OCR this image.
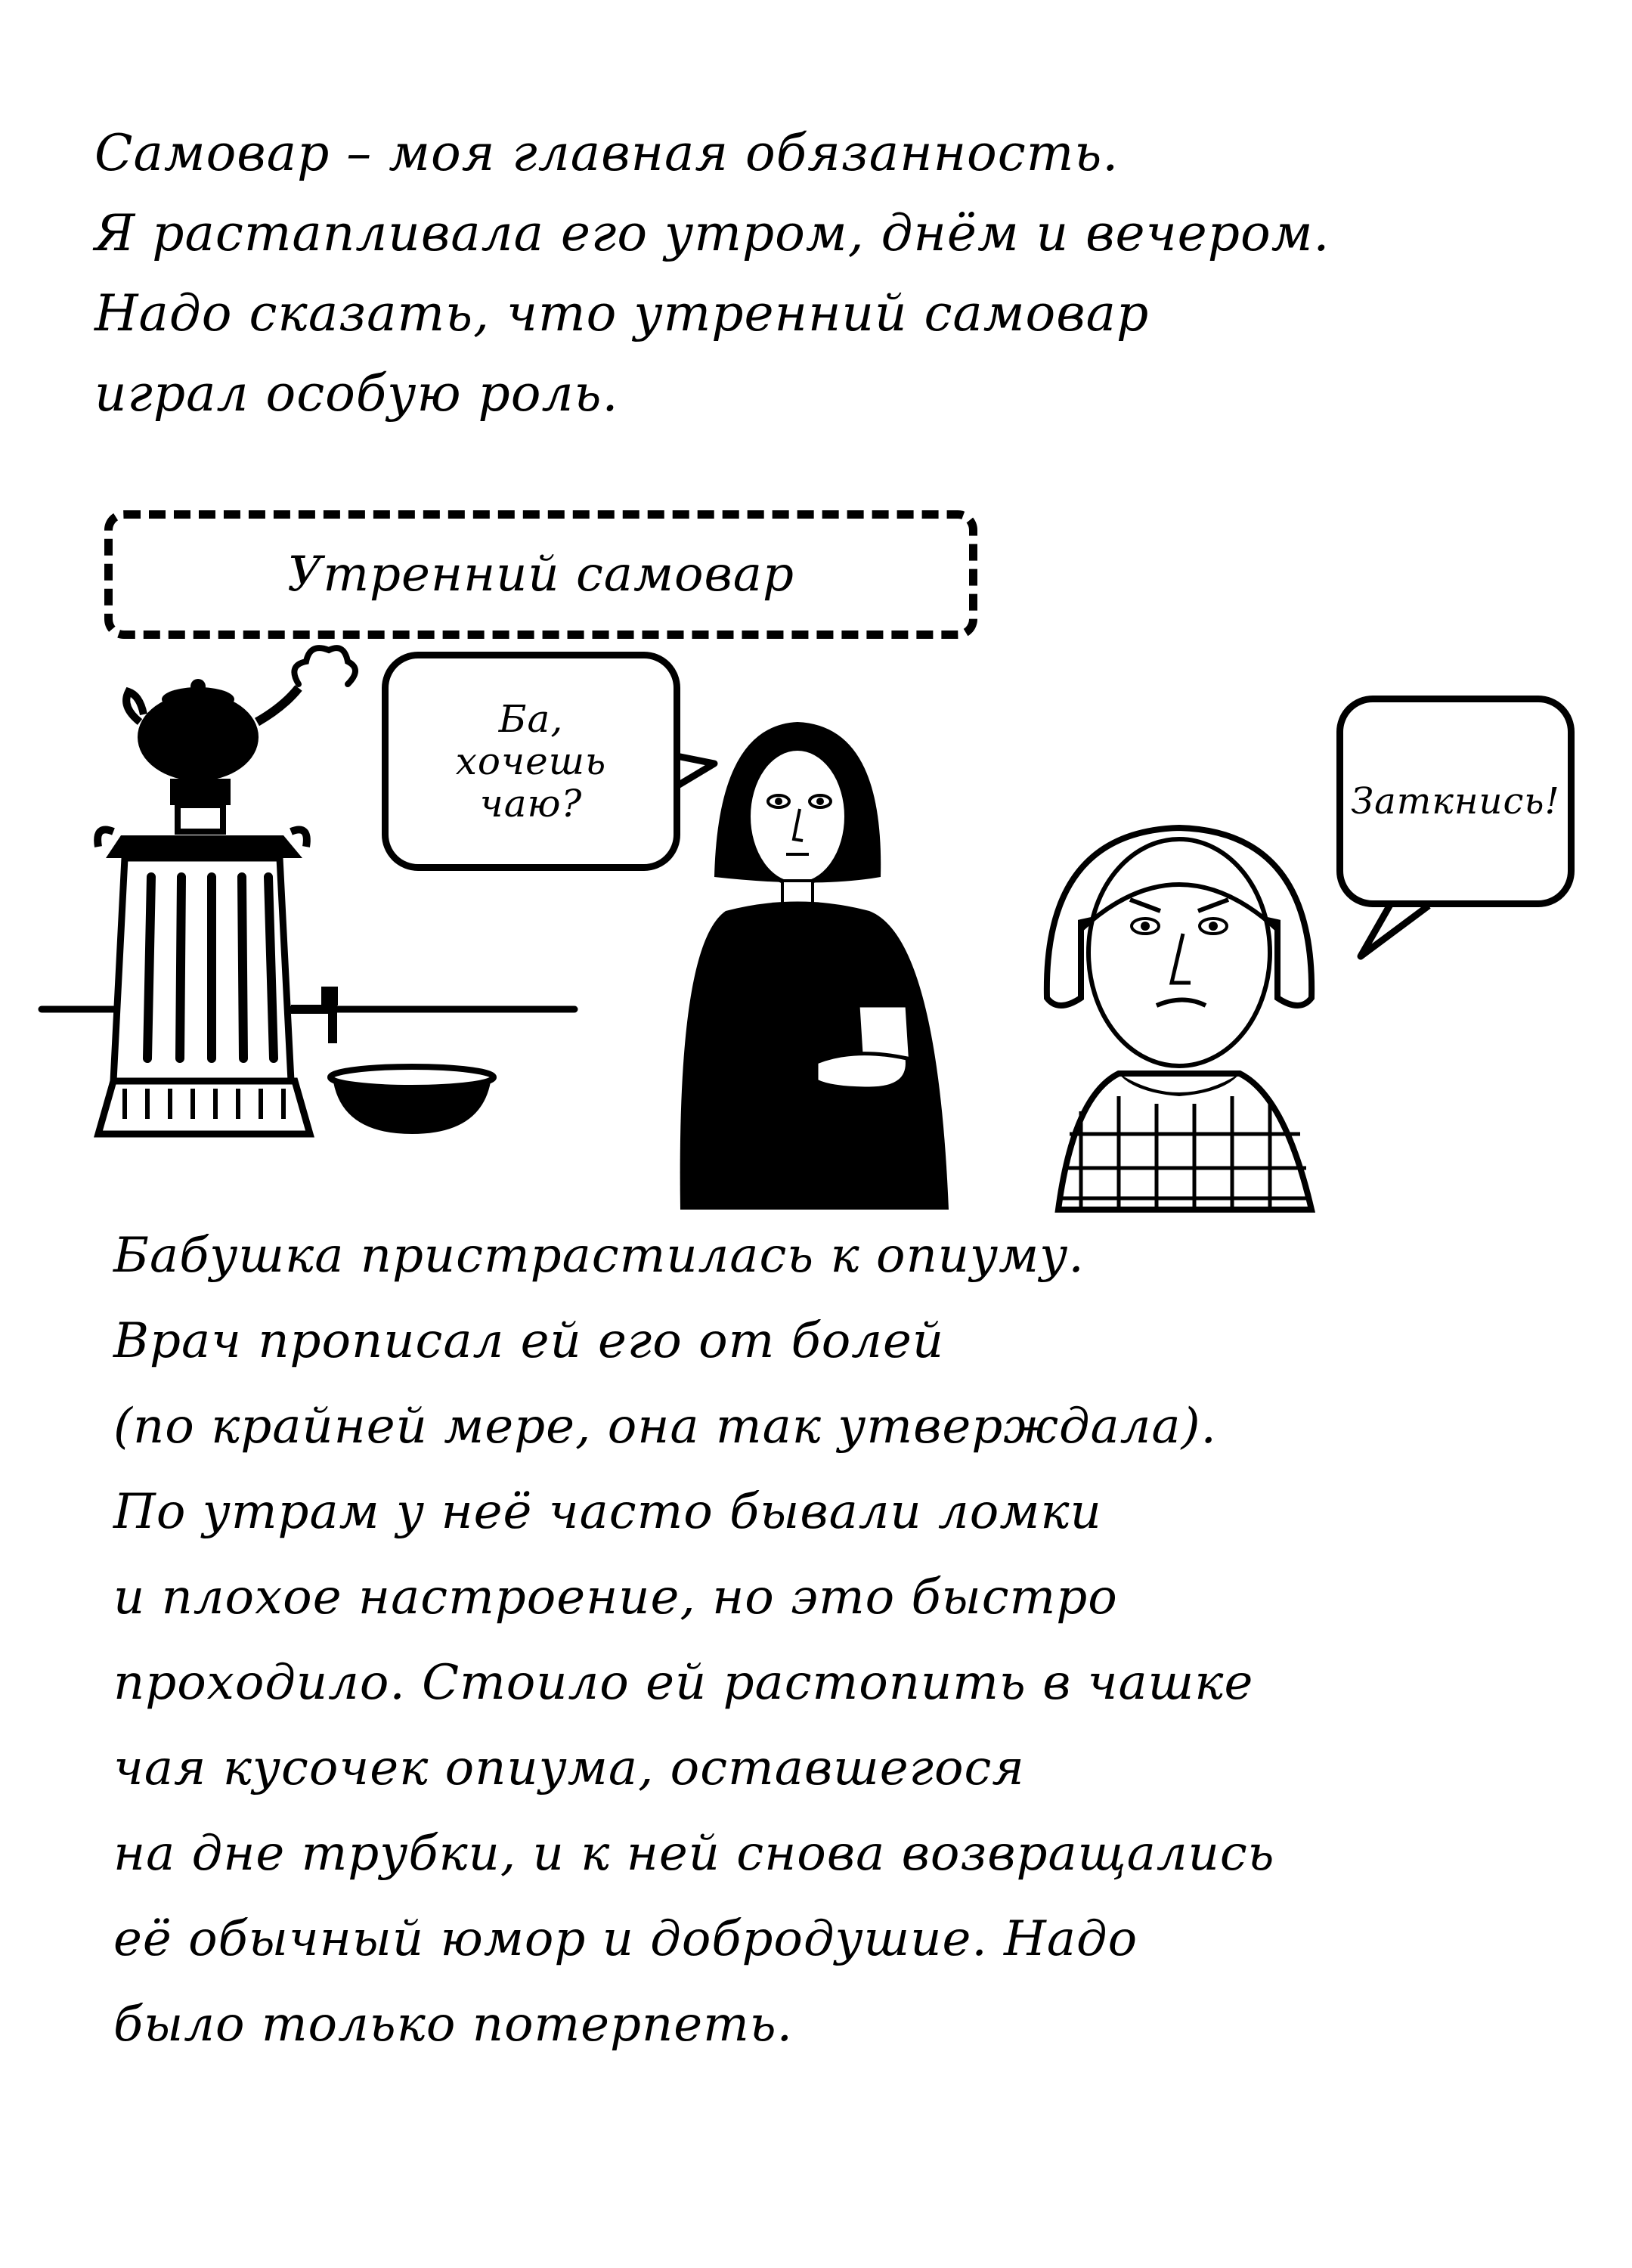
Самовар – моя главная обязанность.
Я растапливала его утром, днём и вечером.
Надо сказать, что утренний самовар
играл особую роль.
Утренний самовар
Ба,
хочешь
чаю?	Заткнись!
Бабушка пристрастилась к опиуму.
Врач прописал ей его от болей
(по крайней мере, она так утверждала).
По утрам у неё часто бывали ломки
и плохое настроение, но это быстро
проходило. Стоило ей растопить в чашке
чая кусочек опиума, оставшегося
на дне трубки, и к ней снова возвращались
её обычный юмор и добродушие. Надо
было только потерпеть.
